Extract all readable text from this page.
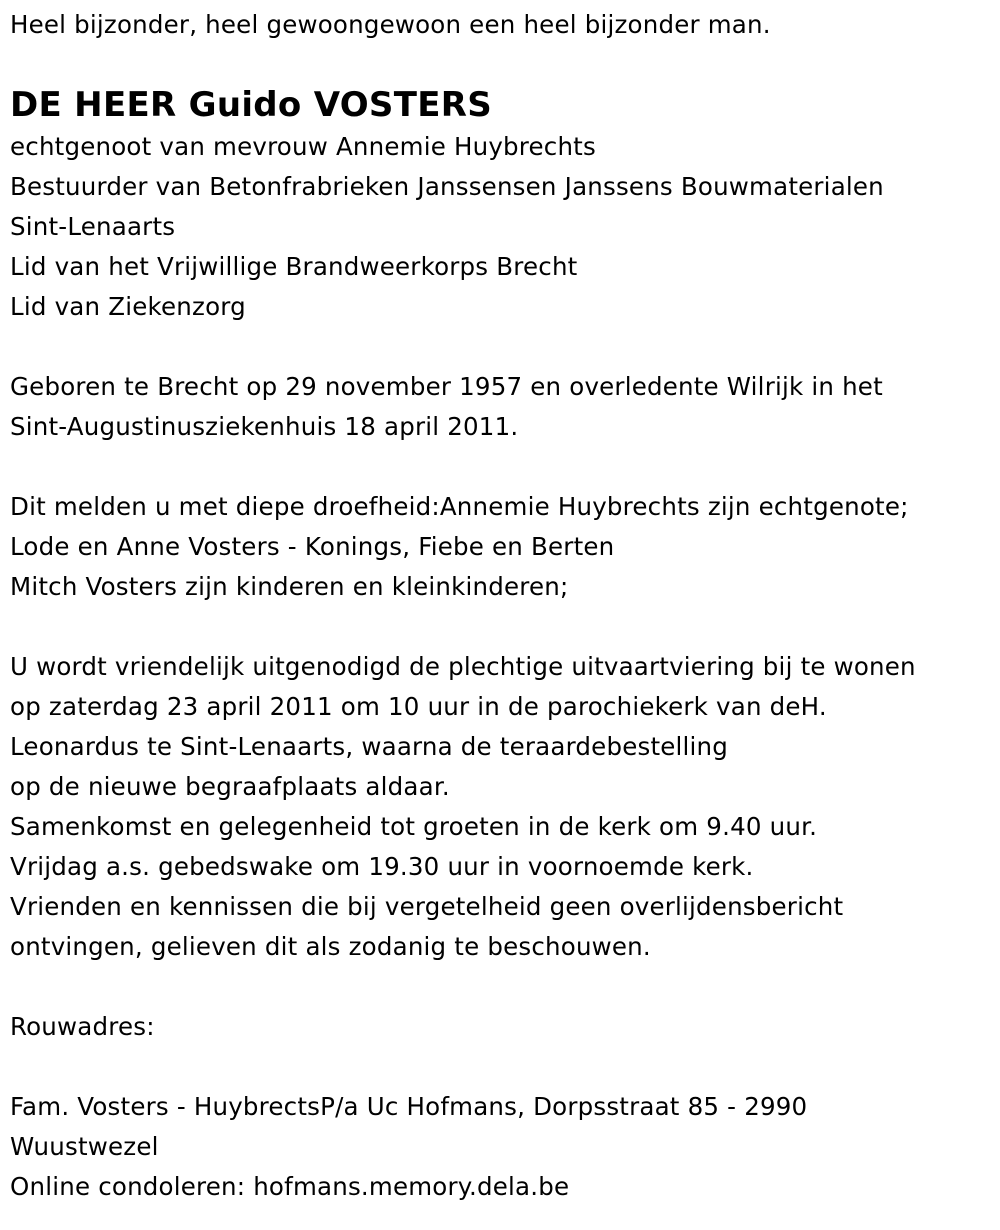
Heel bijzonder, heel gewoongewoon een heel bijzonder man.
DE HEER Guido VOSTERS
echtgenoot van mevrouw Annemie Huybrechts
Bestuurder van Betonfrabrieken Janssensen Janssens Bouwmaterialen
Sint-Lenaarts
Lid van het Vrijwillige Brandweerkorps Brecht
Lid van Ziekenzorg
Geboren te Brecht op 29 november 1957 en overledente Wilrijk in het
Sint-Augustinusziekenhuis 18 april 2011.
Dit melden u met diepe droefheid:Annemie Huybrechts zijn echtgenote;
Lode en Anne Vosters - Konings, Fiebe en Berten
Mitch Vosters zijn kinderen en kleinkinderen;
U wordt vriendelijk uitgenodigd de plechtige uitvaartviering bij te wonen
op zaterdag 23 april 2011 om 10 uur in de parochiekerk van deH.
Leonardus te Sint-Lenaarts, waarna de teraardebestelling
op de nieuwe begraafplaats aldaar.
Samenkomst en gelegenheid tot groeten in de kerk om 9.40 uur.
Vrijdag a.s. gebedswake om 19.30 uur in voornoemde kerk.
Vrienden en kennissen die bij vergetelheid geen overlijdensbericht
ontvingen, gelieven dit als zodanig te beschouwen.
Rouwadres:
Fam. Vosters - HuybrectsP/a Uc Hofmans, Dorpsstraat 85 - 2990
Wuustwezel
Online condoleren: hofmans.memory.dela.be
